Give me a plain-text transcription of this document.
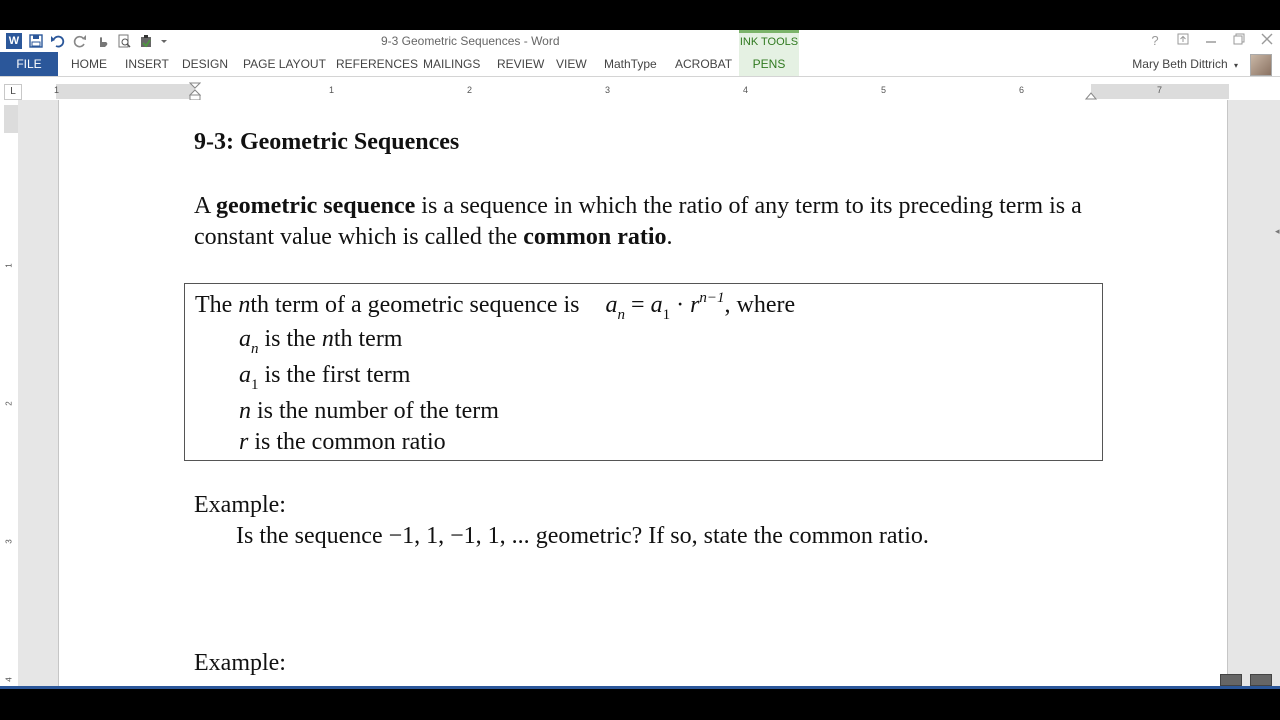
W	9-3 Geometric Sequences - Word	INK TOOLS	?
FILE	HOME INSERT DESIGN PAGE LAYOUT REFERENCES MAILINGS REVIEW VIEW MathType ACROBAT	PENS	Mary Beth Dittrich ▾
L	1	1	2	3	4	5	6	7
1
2
3
4
9-3: Geometric Sequences
A geometric sequence is a sequence in which the ratio of any term to its preceding term is a constant value which is called the common ratio.
The nth term of a geometric sequence is $a_n = a_1 \cdot r^{n-1}$, where
$a_n$ is the nth term
$a_1$ is the first term
n is the number of the term
r is the common ratio
Example:
Is the sequence −1, 1, −1, 1, ... geometric? If so, state the common ratio.
Example:
◂
